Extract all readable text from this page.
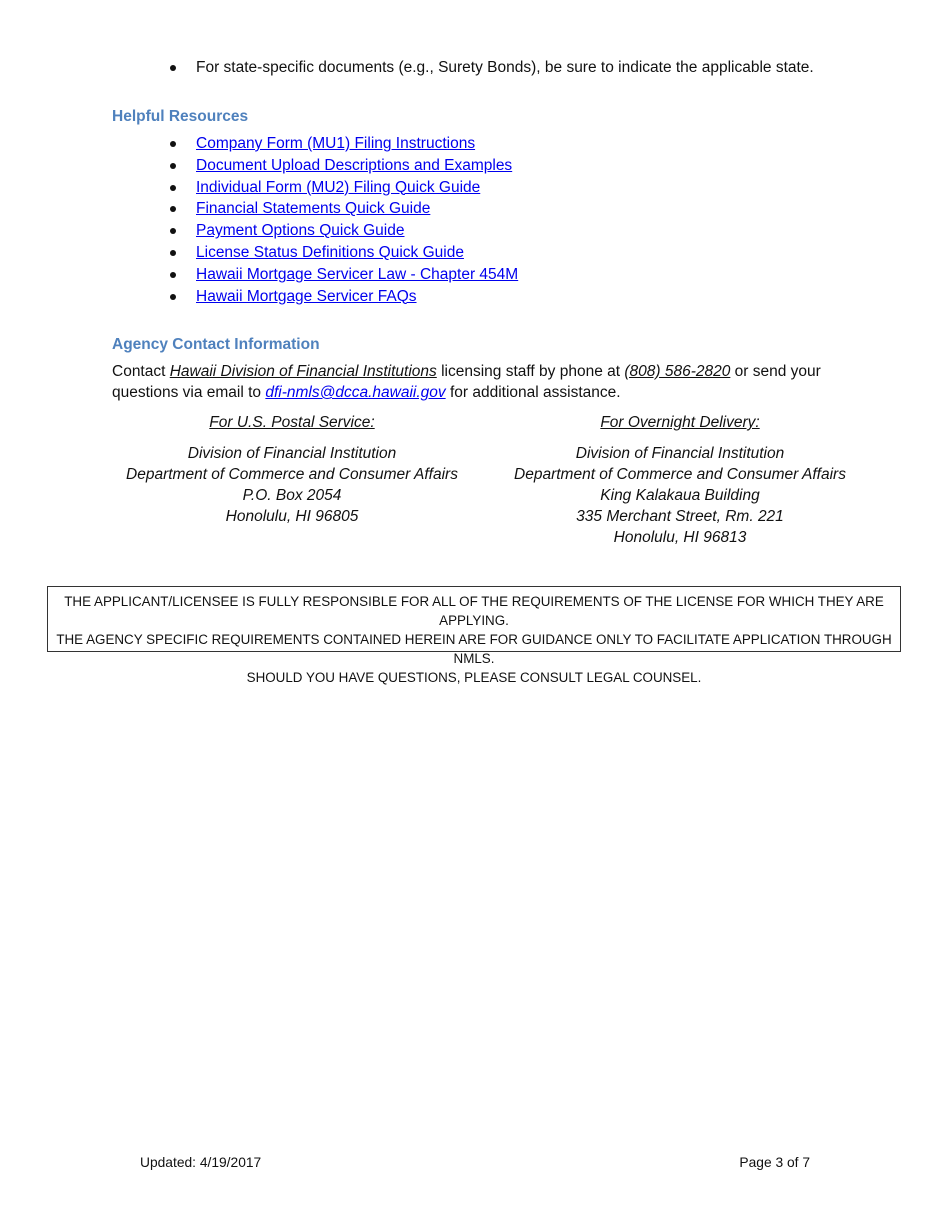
For state-specific documents (e.g., Surety Bonds), be sure to indicate the applicable state.
Helpful Resources
Company Form (MU1) Filing Instructions
Document Upload Descriptions and Examples
Individual Form (MU2) Filing Quick Guide
Financial Statements Quick Guide
Payment Options Quick Guide
License Status Definitions Quick Guide
Hawaii Mortgage Servicer Law - Chapter 454M
Hawaii Mortgage Servicer FAQs
Agency Contact Information
Contact Hawaii Division of Financial Institutions licensing staff by phone at (808) 586-2820 or send your questions via email to dfi-nmls@dcca.hawaii.gov for additional assistance.
For U.S. Postal Service:
Division of Financial Institution
Department of Commerce and Consumer Affairs
P.O. Box 2054
Honolulu, HI 96805
For Overnight Delivery:
Division of Financial Institution
Department of Commerce and Consumer Affairs
King Kalakaua Building
335 Merchant Street, Rm. 221
Honolulu, HI 96813
THE APPLICANT/LICENSEE IS FULLY RESPONSIBLE FOR ALL OF THE REQUIREMENTS OF THE LICENSE FOR WHICH THEY ARE APPLYING.
THE AGENCY SPECIFIC REQUIREMENTS CONTAINED HEREIN ARE FOR GUIDANCE ONLY TO FACILITATE APPLICATION THROUGH NMLS.
SHOULD YOU HAVE QUESTIONS, PLEASE CONSULT LEGAL COUNSEL.
Updated: 4/19/2017	Page 3 of 7
